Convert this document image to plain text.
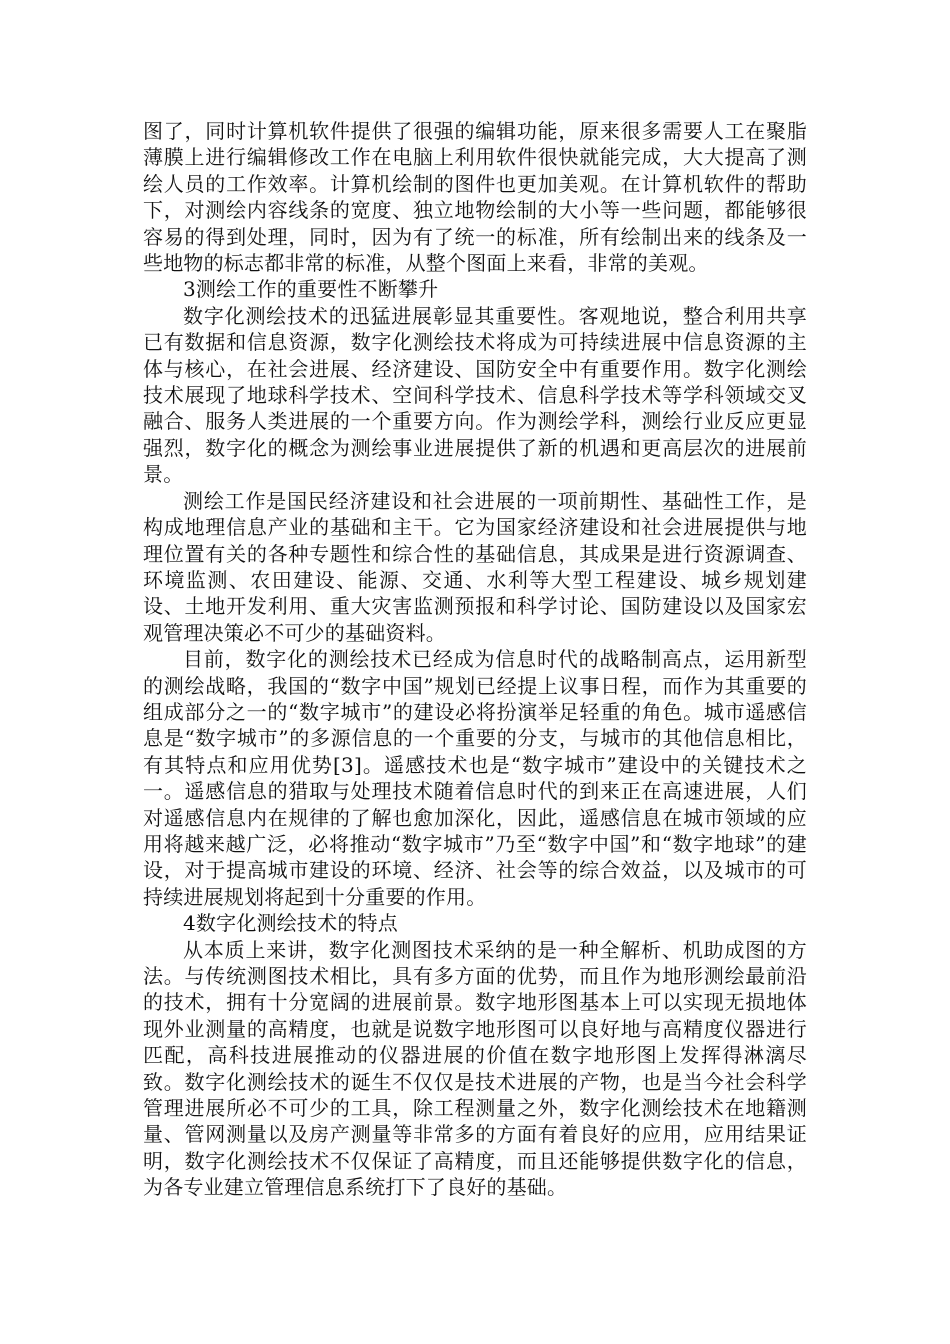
图了，同时计算机软件提供了很强的编辑功能，原来很多需要人工在聚脂薄膜上进行编辑修改工作在电脑上利用软件很快就能完成，大大提高了测绘人员的工作效率。计算机绘制的图件也更加美观。在计算机软件的帮助下，对测绘内容线条的宽度、独立地物绘制的大小等一些问题，都能够很容易的得到处理，同时，因为有了统一的标准，所有绘制出来的线条及一些地物的标志都非常的标准，从整个图面上来看，非常的美观。

3测绘工作的重要性不断攀升

数字化测绘技术的迅猛进展彰显其重要性。客观地说，整合利用共享已有数据和信息资源，数字化测绘技术将成为可持续进展中信息资源的主体与核心，在社会进展、经济建设、国防安全中有重要作用。数字化测绘技术展现了地球科学技术、空间科学技术、信息科学技术等学科领域交叉融合、服务人类进展的一个重要方向。作为测绘学科，测绘行业反应更显强烈，数字化的概念为测绘事业进展提供了新的机遇和更高层次的进展前景。

测绘工作是国民经济建设和社会进展的一项前期性、基础性工作，是构成地理信息产业的基础和主干。它为国家经济建设和社会进展提供与地理位置有关的各种专题性和综合性的基础信息，其成果是进行资源调查、环境监测、农田建设、能源、交通、水利等大型工程建设、城乡规划建设、土地开发利用、重大灾害监测预报和科学讨论、国防建设以及国家宏观管理决策必不可少的基础资料。

目前，数字化的测绘技术已经成为信息时代的战略制高点，运用新型的测绘战略，我国的“数字中国”规划已经提上议事日程，而作为其重要的组成部分之一的“数字城市”的建设必将扮演举足轻重的角色。城市遥感信息是“数字城市”的多源信息的一个重要的分支，与城市的其他信息相比，有其特点和应用优势[3]。遥感技术也是“数字城市”建设中的关键技术之一。遥感信息的猎取与处理技术随着信息时代的到来正在高速进展，人们对遥感信息内在规律的了解也愈加深化，因此，遥感信息在城市领域的应用将越来越广泛，必将推动“数字城市”乃至“数字中国”和“数字地球”的建设，对于提高城市建设的环境、经济、社会等的综合效益，以及城市的可持续进展规划将起到十分重要的作用。

4数字化测绘技术的特点

从本质上来讲，数字化测图技术采纳的是一种全解析、机助成图的方法。与传统测图技术相比，具有多方面的优势，而且作为地形测绘最前沿的技术，拥有十分宽阔的进展前景。数字地形图基本上可以实现无损地体现外业测量的高精度，也就是说数字地形图可以良好地与高精度仪器进行匹配，高科技进展推动的仪器进展的价值在数字地形图上发挥得淋漓尽致。数字化测绘技术的诞生不仅仅是技术进展的产物，也是当今社会科学管理进展所必不可少的工具，除工程测量之外，数字化测绘技术在地籍测量、管网测量以及房产测量等非常多的方面有着良好的应用，应用结果证明，数字化测绘技术不仅保证了高精度，而且还能够提供数字化的信息，为各专业建立管理信息系统打下了良好的基础。
